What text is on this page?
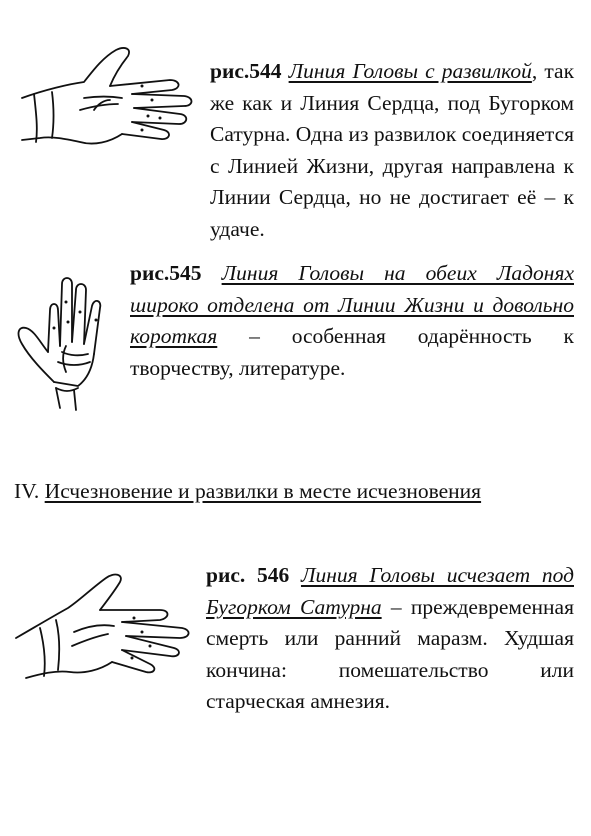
рис.544 Линия Головы с развилкой, так же как и Линия Сердца, под Бугорком Сатурна. Одна из развилок соединяется с Линией Жизни, другая направлена к Линии Сердца, но не достигает её – к удаче.
рис.545 Линия Головы на обеих Ладонях широко отделена от Линии Жизни и довольно короткая – особенная одарённость к творчеству, литературе.
IV. Исчезновение и развилки в месте исчезновения
рис. 546 Линия Головы исчезает под Бугорком Сатурна – преждевременная смерть или ранний маразм. Худшая кончина: помешательство или старческая амнезия.
